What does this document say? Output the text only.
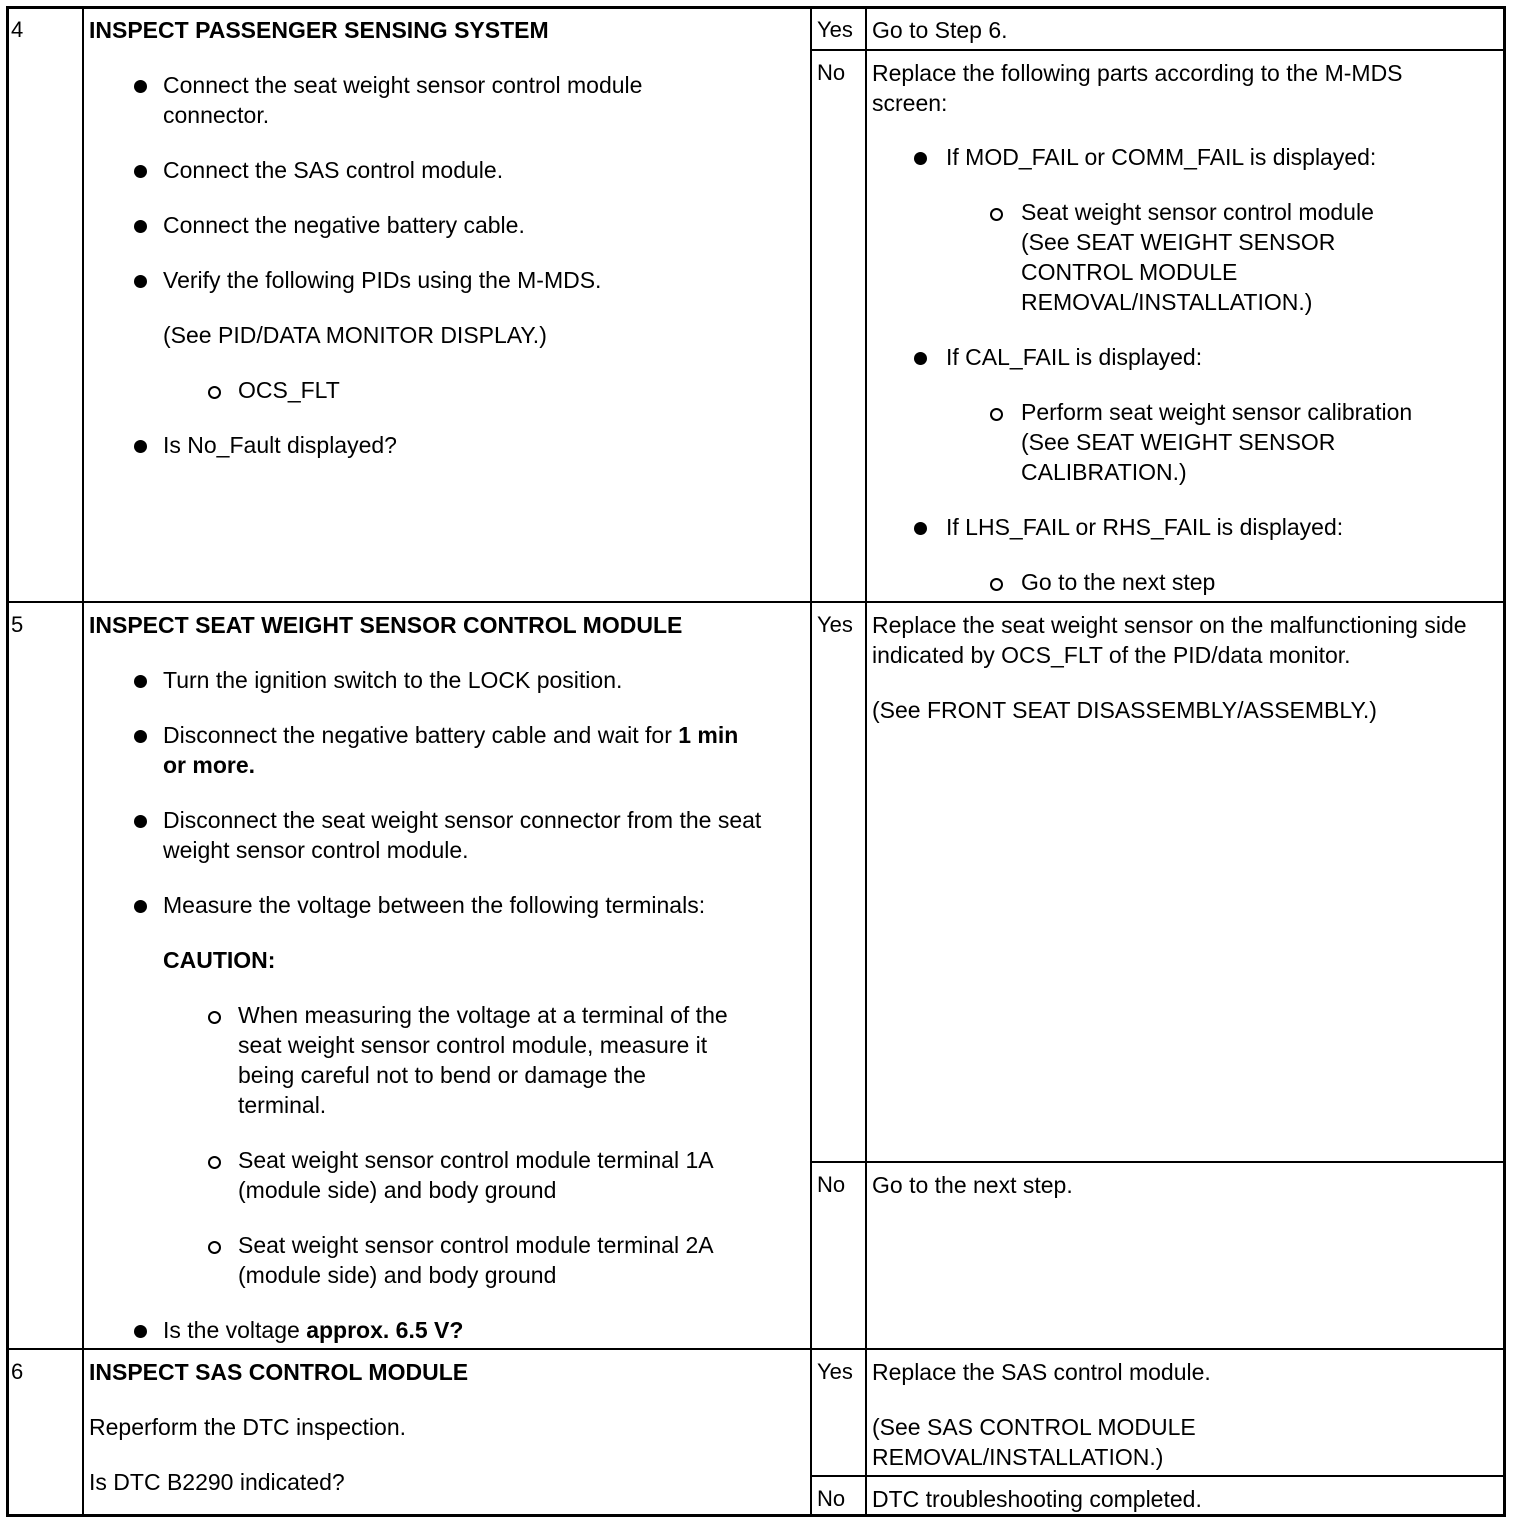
4	INSPECT PASSENGER SENSING SYSTEM
Connect the seat weight sensor control module connector.
Connect the SAS control module.
Connect the negative battery cable.
Verify the following PIDs using the M-MDS.
(See PID/DATA MONITOR DISPLAY.)
OCS_FLT
Is No_Fault displayed?
Yes Go to Step 6.
No Replace the following parts according to the M-MDS screen:
If MOD_FAIL or COMM_FAIL is displayed:
Seat weight sensor control module (See SEAT WEIGHT SENSOR CONTROL MODULE REMOVAL/INSTALLATION.)
If CAL_FAIL is displayed:
Perform seat weight sensor calibration (See SEAT WEIGHT SENSOR CALIBRATION.)
If LHS_FAIL or RHS_FAIL is displayed:
Go to the next step
5	INSPECT SEAT WEIGHT SENSOR CONTROL MODULE
Turn the ignition switch to the LOCK position.
Disconnect the negative battery cable and wait for 1 min or more.
Disconnect the seat weight sensor connector from the seat weight sensor control module.
Measure the voltage between the following terminals:
CAUTION:
When measuring the voltage at a terminal of the seat weight sensor control module, measure it being careful not to bend or damage the terminal.
Seat weight sensor control module terminal 1A (module side) and body ground
Seat weight sensor control module terminal 2A (module side) and body ground
Is the voltage approx. 6.5 V?
Yes Replace the seat weight sensor on the malfunctioning side indicated by OCS_FLT of the PID/data monitor.
(See FRONT SEAT DISASSEMBLY/ASSEMBLY.)
No Go to the next step.
6	INSPECT SAS CONTROL MODULE
Reperform the DTC inspection.
Is DTC B2290 indicated?
Yes Replace the SAS control module.
(See SAS CONTROL MODULE REMOVAL/INSTALLATION.)
No DTC troubleshooting completed.
